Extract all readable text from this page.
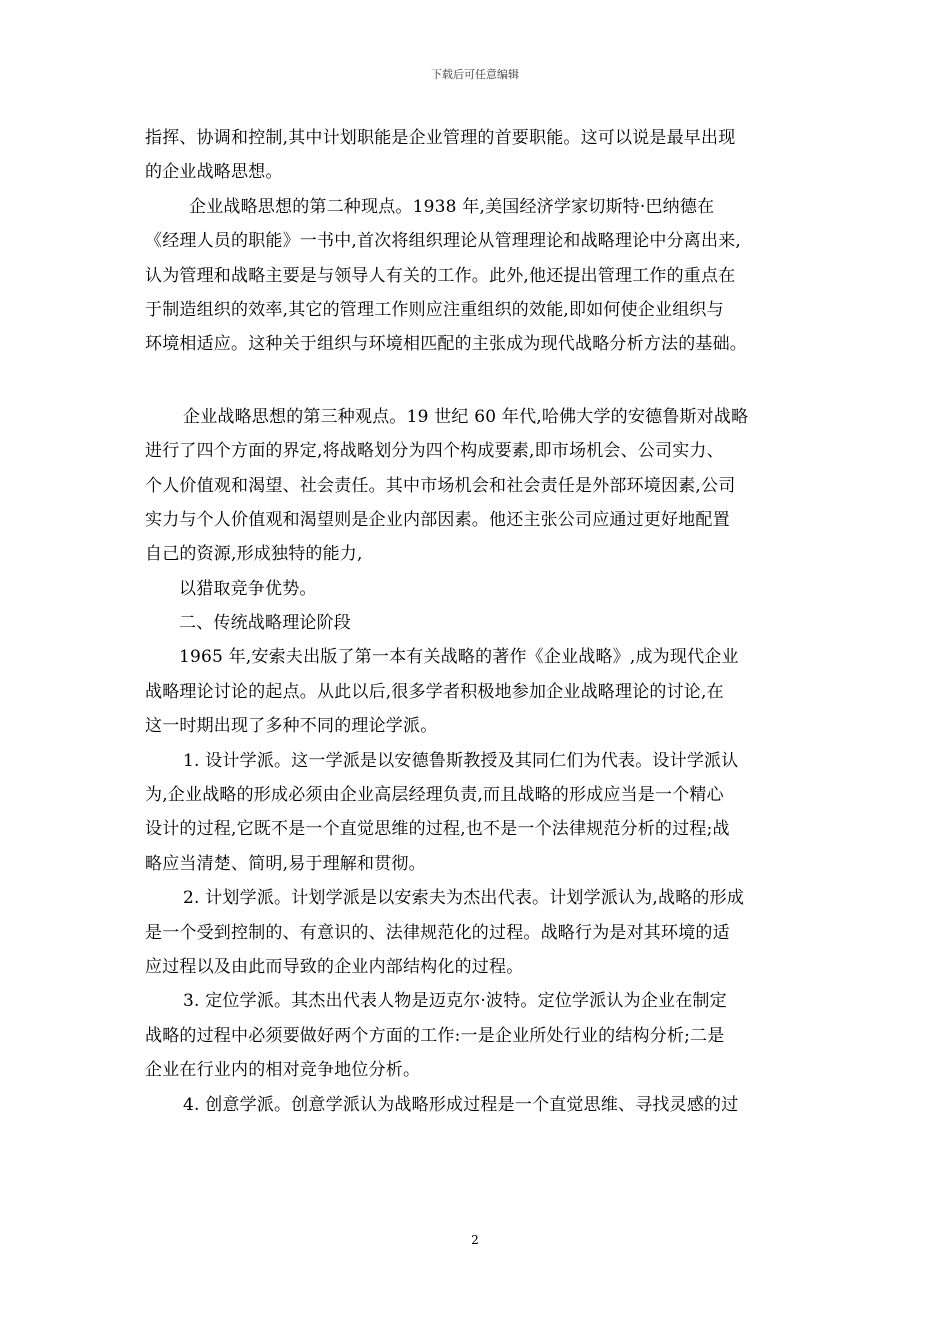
下载后可任意编辑
指挥、协调和控制,其中计划职能是企业管理的首要职能。这可以说是最早出现
的企业战略思想。
企业战略思想的第二种现点。1938 年,美国经济学家切斯特·巴纳德在
《经理人员的职能》一书中,首次将组织理论从管理理论和战略理论中分离出来,
认为管理和战略主要是与领导人有关的工作。此外,他还提出管理工作的重点在
于制造组织的效率,其它的管理工作则应注重组织的效能,即如何使企业组织与
环境相适应。这种关于组织与环境相匹配的主张成为现代战略分析方法的基础。
企业战略思想的第三种观点。19 世纪 60 年代,哈佛大学的安德鲁斯对战略
进行了四个方面的界定,将战略划分为四个构成要素,即市场机会、公司实力、
个人价值观和渴望、社会责任。其中市场机会和社会责任是外部环境因素,公司
实力与个人价值观和渴望则是企业内部因素。他还主张公司应通过更好地配置
自己的资源,形成独特的能力,
以猎取竞争优势。
二、传统战略理论阶段
1965 年,安索夫出版了第一本有关战略的著作《企业战略》,成为现代企业
战略理论讨论的起点。从此以后,很多学者积极地参加企业战略理论的讨论,在
这一时期出现了多种不同的理论学派。
1. 设计学派。这一学派是以安德鲁斯教授及其同仁们为代表。设计学派认
为,企业战略的形成必须由企业高层经理负责,而且战略的形成应当是一个精心
设计的过程,它既不是一个直觉思维的过程,也不是一个法律规范分析的过程;战
略应当清楚、简明,易于理解和贯彻。
2. 计划学派。计划学派是以安索夫为杰出代表。计划学派认为,战略的形成
是一个受到控制的、有意识的、法律规范化的过程。战略行为是对其环境的适
应过程以及由此而导致的企业内部结构化的过程。
3. 定位学派。其杰出代表人物是迈克尔·波特。定位学派认为企业在制定
战略的过程中必须要做好两个方面的工作:一是企业所处行业的结构分析;二是
企业在行业内的相对竞争地位分析。
4. 创意学派。创意学派认为战略形成过程是一个直觉思维、寻找灵感的过
2
